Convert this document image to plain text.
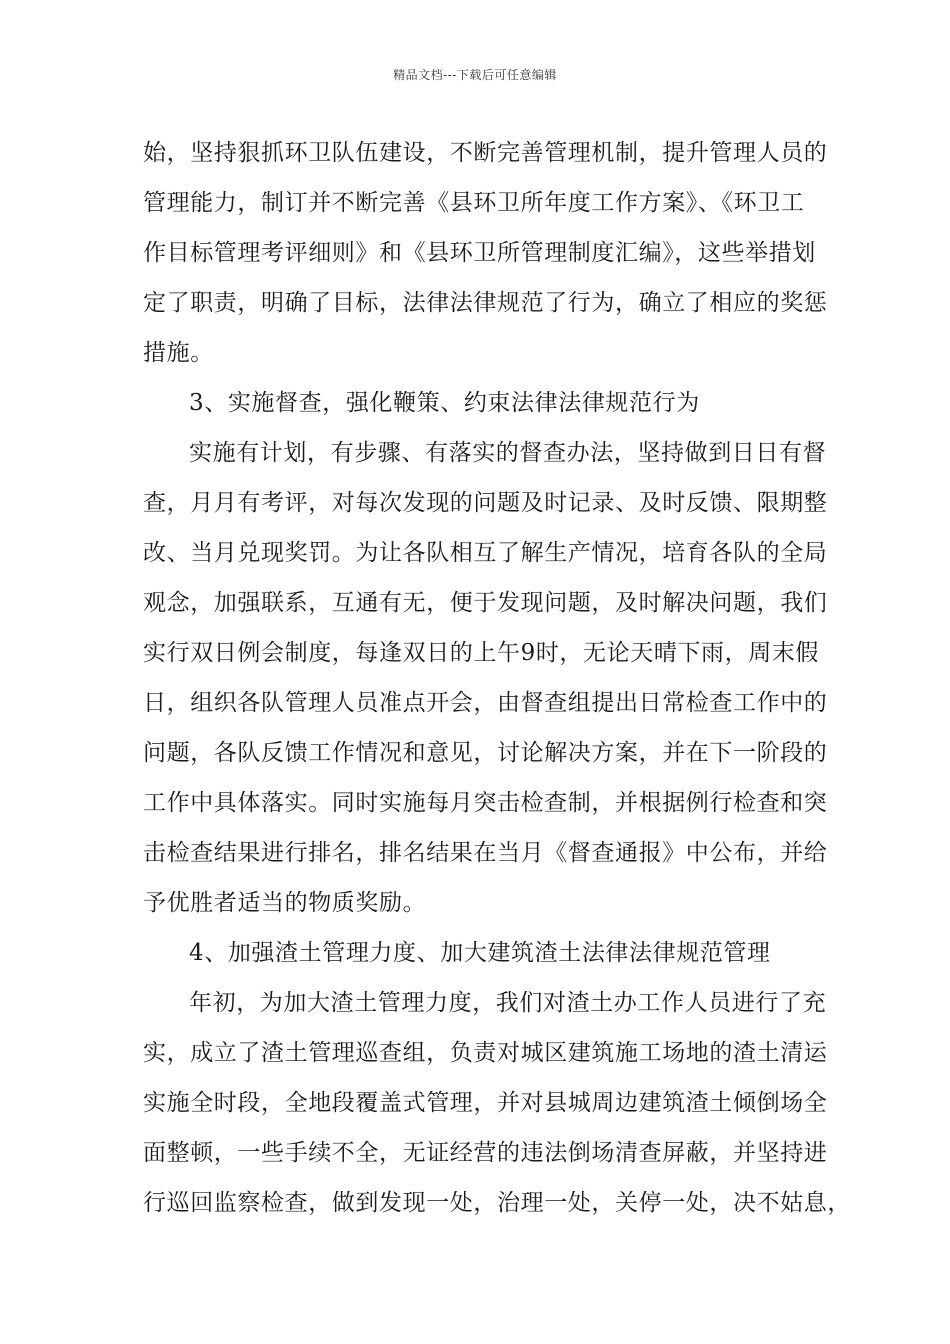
精品文档---下载后可任意编辑
始，坚持狠抓环卫队伍建设，不断完善管理机制，提升管理人员的
管理能力，制订并不断完善《县环卫所年度工作方案》、《环卫工
作目标管理考评细则》和《县环卫所管理制度汇编》，这些举措划
定了职责，明确了目标，法律法律规范了行为，确立了相应的奖惩
措施。
3、实施督查，强化鞭策、约束法律法律规范行为
实施有计划，有步骤、有落实的督查办法，坚持做到日日有督
查，月月有考评，对每次发现的问题及时记录、及时反馈、限期整
改、当月兑现奖罚。为让各队相互了解生产情况，培育各队的全局
观念，加强联系，互通有无，便于发现问题，及时解决问题，我们
实行双日例会制度，每逢双日的上午9时，无论天晴下雨，周末假
日，组织各队管理人员准点开会，由督查组提出日常检查工作中的
问题，各队反馈工作情况和意见，讨论解决方案，并在下一阶段的
工作中具体落实。同时实施每月突击检查制，并根据例行检查和突
击检查结果进行排名，排名结果在当月《督查通报》中公布，并给
予优胜者适当的物质奖励。
4、加强渣土管理力度、加大建筑渣土法律法律规范管理
年初，为加大渣土管理力度，我们对渣土办工作人员进行了充
实，成立了渣土管理巡查组，负责对城区建筑施工场地的渣土清运
实施全时段，全地段覆盖式管理，并对县城周边建筑渣土倾倒场全
面整顿，一些手续不全，无证经营的违法倒场清查屏蔽，并坚持进
行巡回监察检查，做到发现一处，治理一处，关停一处，决不姑息，
